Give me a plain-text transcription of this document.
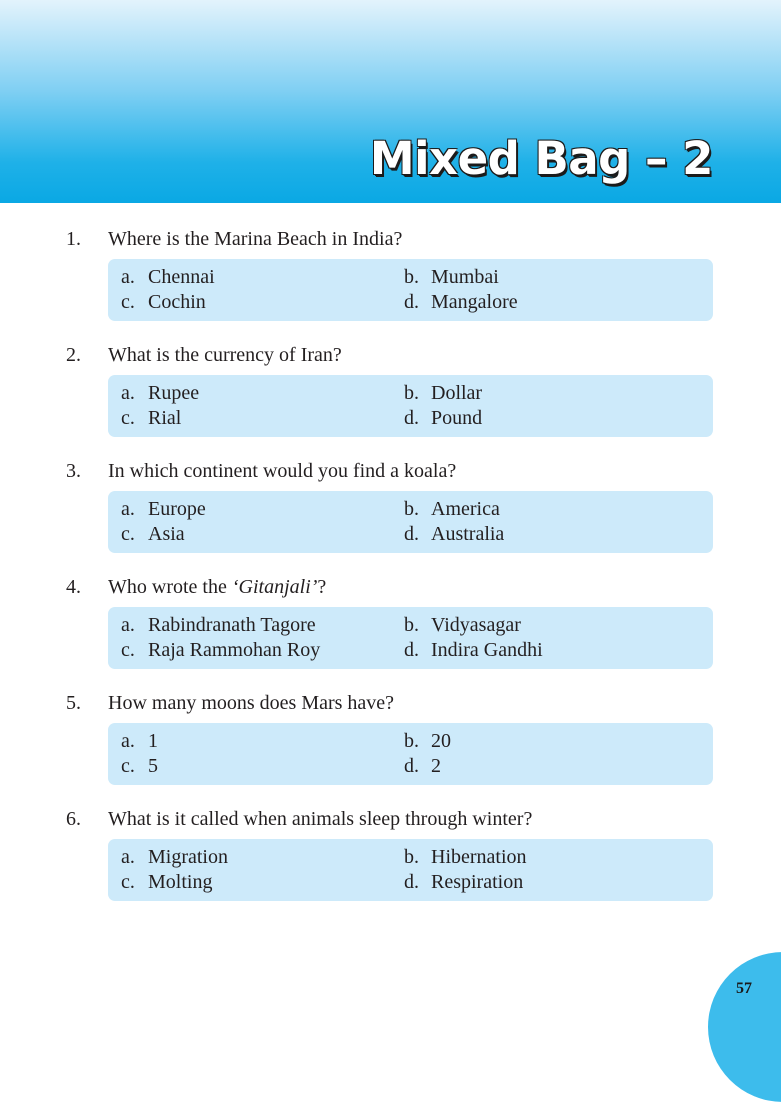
Mixed Bag – 2
1. Where is the Marina Beach in India?
a. Chennai	b. Mumbai
c. Cochin	d. Mangalore
2. What is the currency of Iran?
a. Rupee	b. Dollar
c. Rial	d. Pound
3. In which continent would you find a koala?
a. Europe	b. America
c. Asia	d. Australia
4. Who wrote the ‘Gitanjali’?
a. Rabindranath Tagore	b. Vidyasagar
c. Raja Rammohan Roy	d. Indira Gandhi
5. How many moons does Mars have?
a. 1	b. 20
c. 5	d. 2
6. What is it called when animals sleep through winter?
a. Migration	b. Hibernation
c. Molting	d. Respiration
57
